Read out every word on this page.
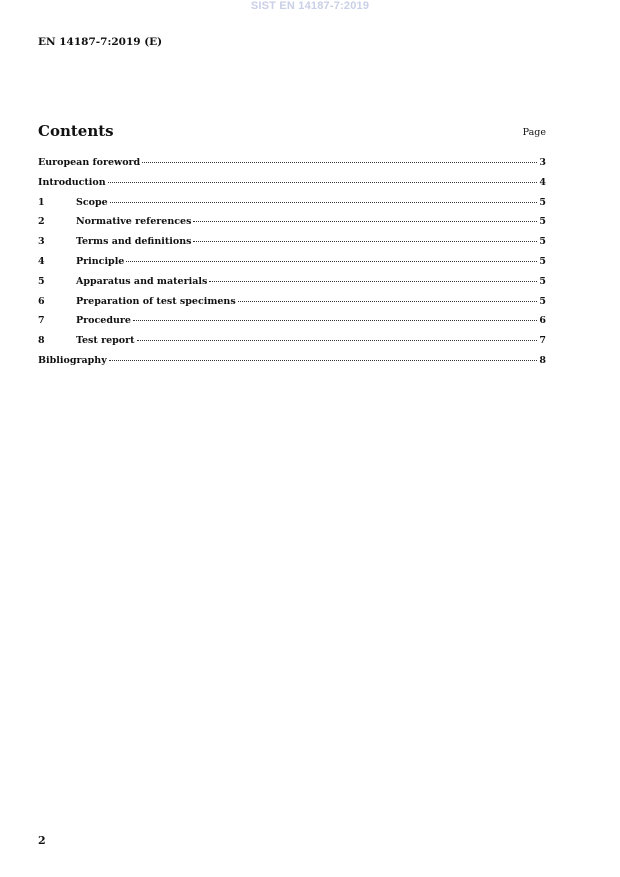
SIST EN 14187-7:2019
EN 14187-7:2019 (E)
Contents	Page
European foreword	3
Introduction	4
1	Scope	5
2	Normative references	5
3	Terms and definitions	5
4	Principle	5
5	Apparatus and materials	5
6	Preparation of test specimens	5
7	Procedure	6
8	Test report	7
Bibliography	8
2
